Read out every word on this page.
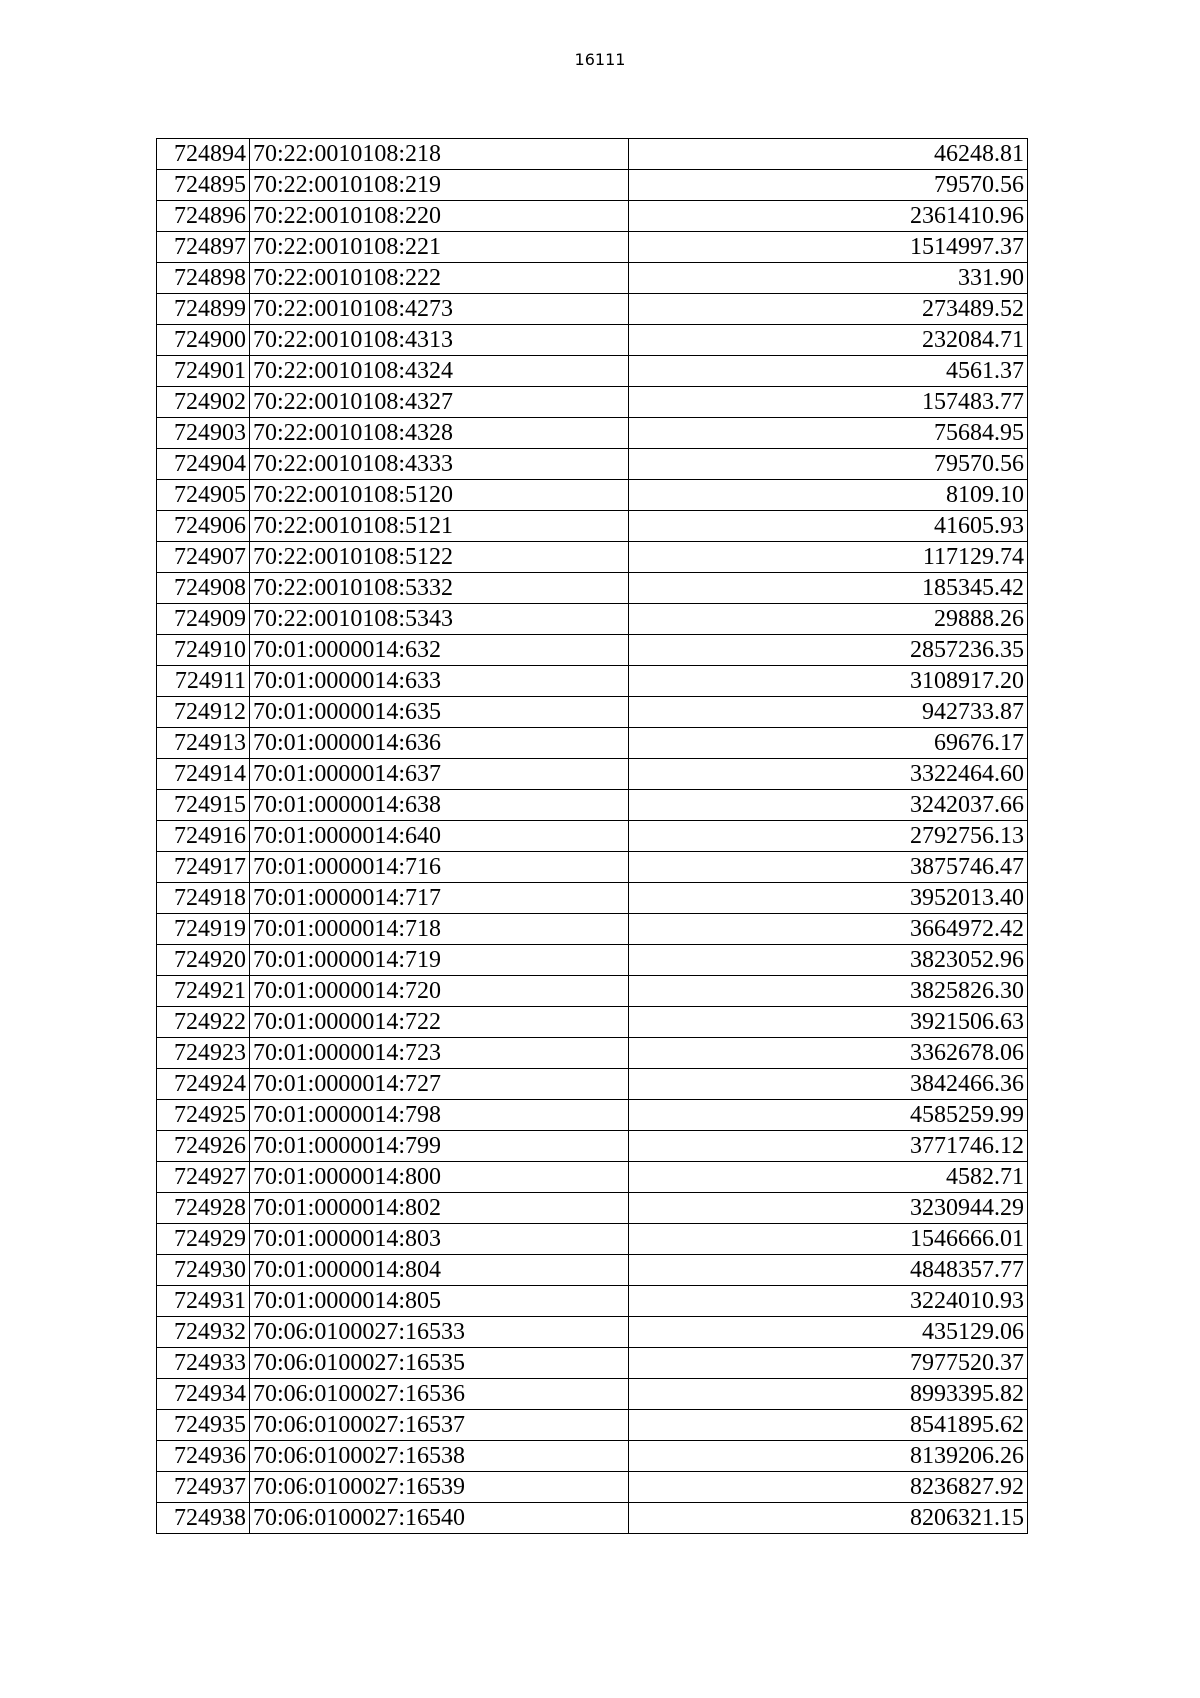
16111
724894	70:22:0010108:218	46248.81
724895	70:22:0010108:219	79570.56
724896	70:22:0010108:220	2361410.96
724897	70:22:0010108:221	1514997.37
724898	70:22:0010108:222	331.90
724899	70:22:0010108:4273	273489.52
724900	70:22:0010108:4313	232084.71
724901	70:22:0010108:4324	4561.37
724902	70:22:0010108:4327	157483.77
724903	70:22:0010108:4328	75684.95
724904	70:22:0010108:4333	79570.56
724905	70:22:0010108:5120	8109.10
724906	70:22:0010108:5121	41605.93
724907	70:22:0010108:5122	117129.74
724908	70:22:0010108:5332	185345.42
724909	70:22:0010108:5343	29888.26
724910	70:01:0000014:632	2857236.35
724911	70:01:0000014:633	3108917.20
724912	70:01:0000014:635	942733.87
724913	70:01:0000014:636	69676.17
724914	70:01:0000014:637	3322464.60
724915	70:01:0000014:638	3242037.66
724916	70:01:0000014:640	2792756.13
724917	70:01:0000014:716	3875746.47
724918	70:01:0000014:717	3952013.40
724919	70:01:0000014:718	3664972.42
724920	70:01:0000014:719	3823052.96
724921	70:01:0000014:720	3825826.30
724922	70:01:0000014:722	3921506.63
724923	70:01:0000014:723	3362678.06
724924	70:01:0000014:727	3842466.36
724925	70:01:0000014:798	4585259.99
724926	70:01:0000014:799	3771746.12
724927	70:01:0000014:800	4582.71
724928	70:01:0000014:802	3230944.29
724929	70:01:0000014:803	1546666.01
724930	70:01:0000014:804	4848357.77
724931	70:01:0000014:805	3224010.93
724932	70:06:0100027:16533	435129.06
724933	70:06:0100027:16535	7977520.37
724934	70:06:0100027:16536	8993395.82
724935	70:06:0100027:16537	8541895.62
724936	70:06:0100027:16538	8139206.26
724937	70:06:0100027:16539	8236827.92
724938	70:06:0100027:16540	8206321.15
